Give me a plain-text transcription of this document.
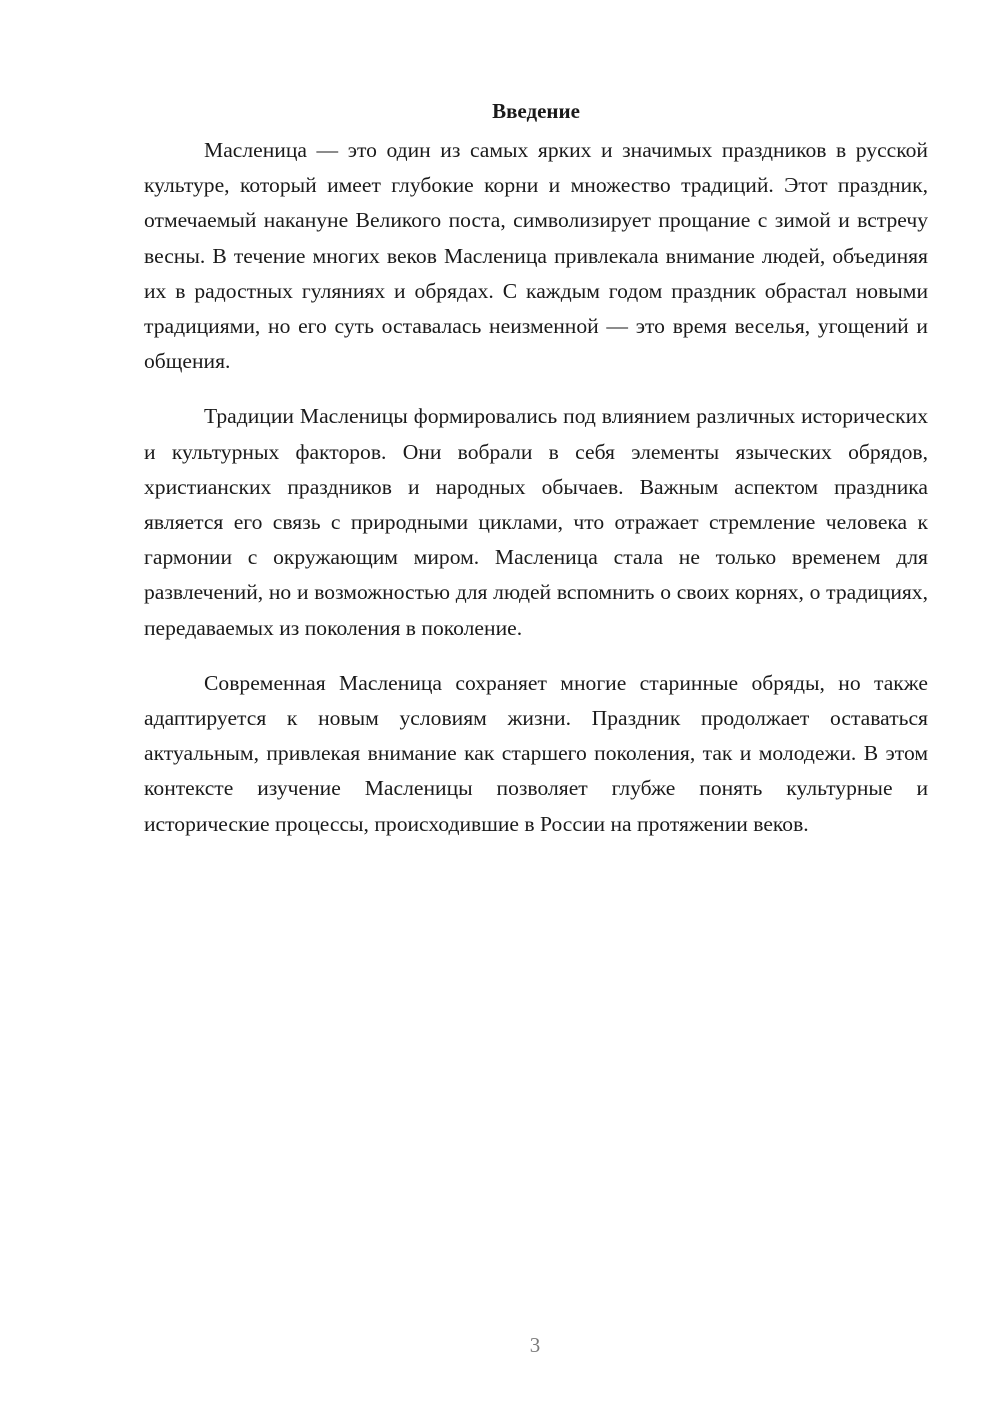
Введение

Масленица — это один из самых ярких и значимых праздников в русской культуре, который имеет глубокие корни и множество традиций. Этот праздник, отмечаемый накануне Великого поста, символизирует прощание с зимой и встречу весны. В течение многих веков Масленица привлекала внимание людей, объединяя их в радостных гуляниях и обрядах. С каждым годом праздник обрастал новыми традициями, но его суть оставалась неизменной — это время веселья, угощений и общения.

Традиции Масленицы формировались под влиянием различных исторических и культурных факторов. Они вобрали в себя элементы языческих обрядов, христианских праздников и народных обычаев. Важным аспектом праздника является его связь с природными циклами, что отражает стремление человека к гармонии с окружающим миром. Масленица стала не только временем для развлечений, но и возможностью для людей вспомнить о своих корнях, о традициях, передаваемых из поколения в поколение.

Современная Масленица сохраняет многие старинные обряды, но также адаптируется к новым условиям жизни. Праздник продолжает оставаться актуальным, привлекая внимание как старшего поколения, так и молодежи. В этом контексте изучение Масленицы позволяет глубже понять культурные и исторические процессы, происходившие в России на протяжении веков.

3
